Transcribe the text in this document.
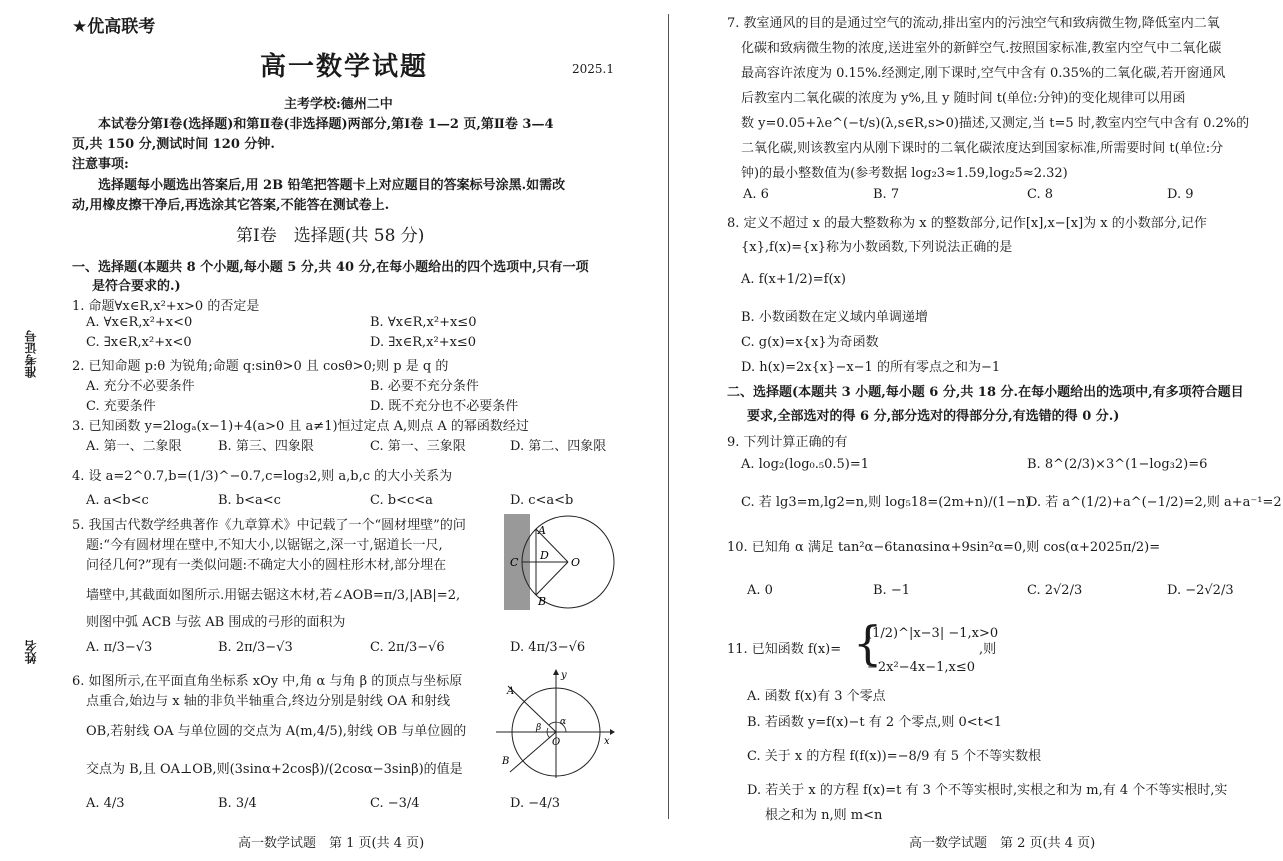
准考证号
姓名
★优高联考
高一数学试题	2025.1
主考学校:德州二中
本试卷分第Ⅰ卷(选择题)和第Ⅱ卷(非选择题)两部分,第Ⅰ卷 1—2 页,第Ⅱ卷 3—4
页,共 150 分,测试时间 120 分钟.
注意事项:
选择题每小题选出答案后,用 2B 铅笔把答题卡上对应题目的答案标号涂黑.如需改
动,用橡皮擦干净后,再选涂其它答案,不能答在测试卷上.
第Ⅰ卷　选择题(共 58 分)
一、选择题(本题共 8 个小题,每小题 5 分,共 40 分,在每小题给出的四个选项中,只有一项
是符合要求的.)
1. 命题∀x∈R,x²+x>0 的否定是
A. ∀x∈R,x²+x<0	B. ∀x∈R,x²+x≤0
C. ∃x∈R,x²+x<0	D. ∃x∈R,x²+x≤0
2. 已知命题 p:θ 为锐角;命题 q:sinθ>0 且 cosθ>0;则 p 是 q 的
A. 充分不必要条件	B. 必要不充分条件
C. 充要条件	D. 既不充分也不必要条件
3. 已知函数 y=2logₐ(x−1)+4(a>0 且 a≠1)恒过定点 A,则点 A 的幂函数经过
A. 第一、二象限	B. 第三、四象限	C. 第一、三象限	D. 第二、四象限
4. 设 a=2^0.7,b=(1/3)^−0.7,c=log₃2,则 a,b,c 的大小关系为
A. a<b<c	B. b<a<c	C. b<c<a	D. c<a<b
5. 我国古代数学经典著作《九章算术》中记载了一个“圆材埋壁”的问
题:“今有圆材埋在壁中,不知大小,以锯锯之,深一寸,锯道长一尺,
问径几何?”现有一类似问题:不确定大小的圆柱形木材,部分埋在
墙壁中,其截面如图所示.用锯去锯这木材,若∠AOB=π/3,|AB|=2,
则图中弧 ACB 与弦 AB 围成的弓形的面积为
A. π/3−√3	B. 2π/3−√3	C. 2π/3−√6	D. 4π/3−√6
A
B
C
D
O
6. 如图所示,在平面直角坐标系 xOy 中,角 α 与角 β 的顶点与坐标原
点重合,始边与 x 轴的非负半轴重合,终边分别是射线 OA 和射线
OB,若射线 OA 与单位圆的交点为 A(m,4/5),射线 OB 与单位圆的
交点为 B,且 OA⊥OB,则(3sinα+2cosβ)/(2cosα−3sinβ)的值是
A. 4/3	B. 3/4	C. −3/4	D. −4/3
A
B
O	x
y
α
β
高一数学试题　第 1 页(共 4 页)
7. 教室通风的目的是通过空气的流动,排出室内的污浊空气和致病微生物,降低室内二氧
化碳和致病微生物的浓度,送进室外的新鲜空气.按照国家标准,教室内空气中二氧化碳
最高容许浓度为 0.15%.经测定,刚下课时,空气中含有 0.35%的二氧化碳,若开窗通风
后教室内二氧化碳的浓度为 y%,且 y 随时间 t(单位:分钟)的变化规律可以用函
数 y=0.05+λe^(−t/s)(λ,s∈R,s>0)描述,又测定,当 t=5 时,教室内空气中含有 0.2%的
二氧化碳,则该教室内从刚下课时的二氧化碳浓度达到国家标准,所需要时间 t(单位:分
钟)的最小整数值为(参考数据 log₂3≈1.59,log₂5≈2.32)
A. 6	B. 7	C. 8	D. 9
8. 定义不超过 x 的最大整数称为 x 的整数部分,记作[x],x−[x]为 x 的小数部分,记作
{x},f(x)={x}称为小数函数,下列说法正确的是
A. f(x+1/2)=f(x)
B. 小数函数在定义域内单调递增
C. g(x)=x{x}为奇函数
D. h(x)=2x{x}−x−1 的所有零点之和为−1
二、选择题(本题共 3 小题,每小题 6 分,共 18 分.在每小题给出的选项中,有多项符合题目
要求,全部选对的得 6 分,部分选对的得部分分,有选错的得 0 分.)
9. 下列计算正确的有
A. log₂(log₀.₅0.5)=1	B. 8^(2/3)×3^(1−log₃2)=6
C. 若 lg3=m,lg2=n,则 log₅18=(2m+n)/(1−n)
D. 若 a^(1/2)+a^(−1/2)=2,则 a+a⁻¹=2
10. 已知角 α 满足 tan²α−6tanαsinα+9sin²α=0,则 cos(α+2025π/2)=
A. 0	B. −1	C. 2√2/3	D. −2√2/3
11. 已知函数 f(x)= {
(1/2)^|x−3| −1,x>0
−2x²−4x−1,x≤0
,则
A. 函数 f(x)有 3 个零点
B. 若函数 y=f(x)−t 有 2 个零点,则 0<t<1
C. 关于 x 的方程 f(f(x))=−8/9 有 5 个不等实数根
D. 若关于 x 的方程 f(x)=t 有 3 个不等实根时,实根之和为 m,有 4 个不等实根时,实
根之和为 n,则 m<n
高一数学试题　第 2 页(共 4 页)
